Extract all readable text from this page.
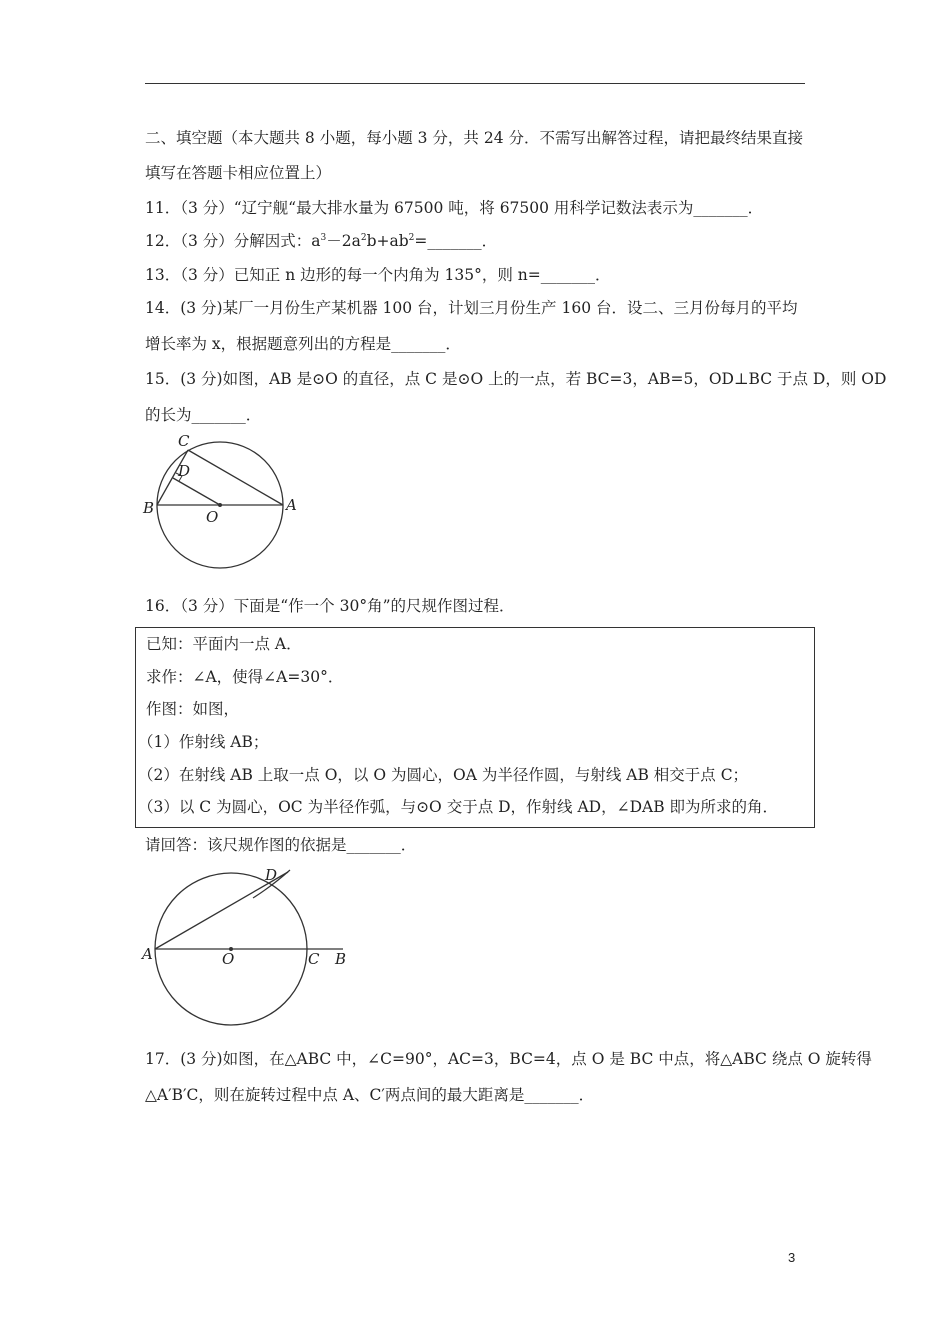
二、填空题（本大题共 8 小题，每小题 3 分，共 24 分．不需写出解答过程，请把最终结果直接
填写在答题卡相应位置上）
11．（3 分）“辽宁舰“最大排水量为 67500 吨，将 67500 用科学记数法表示为_______．
12．（3 分）分解因式：$a^3-2a^2b+ab^2=\_\_\_\_\_\_\_$．
13．（3 分）已知正 n 边形的每一个内角为 135°，则 n=_______．
14．(3 分)某厂一月份生产某机器 100 台，计划三月份生产 160 台．设二、三月份每月的平均
增长率为 x，根据题意列出的方程是_______．
15．(3 分)如图，AB 是⊙O 的直径，点 C 是⊙O 上的一点，若 BC=3，AB=5，OD⊥BC 于点 D，则 OD
的长为_______．
C
D
B	O
A
16．（3 分）下面是“作一个 30°角”的尺规作图过程．
已知：平面内一点 A．
求作：∠A，使得∠A=30°．
作图：如图，
（1）作射线 AB；
（2）在射线 AB 上取一点 O，以 O 为圆心，OA 为半径作圆，与射线 AB 相交于点 C；
（3）以 C 为圆心，OC 为半径作弧，与⊙O 交于点 D，作射线 AD，∠DAB 即为所求的角．
请回答：该尺规作图的依据是_______．
D
A	O	C B
17．(3 分)如图，在△ABC 中，∠C=90°，AC=3，BC=4，点 O 是 BC 中点，将△ABC 绕点 O 旋转得
△A′B′C，则在旋转过程中点 A、C′两点间的最大距离是_______．
3
